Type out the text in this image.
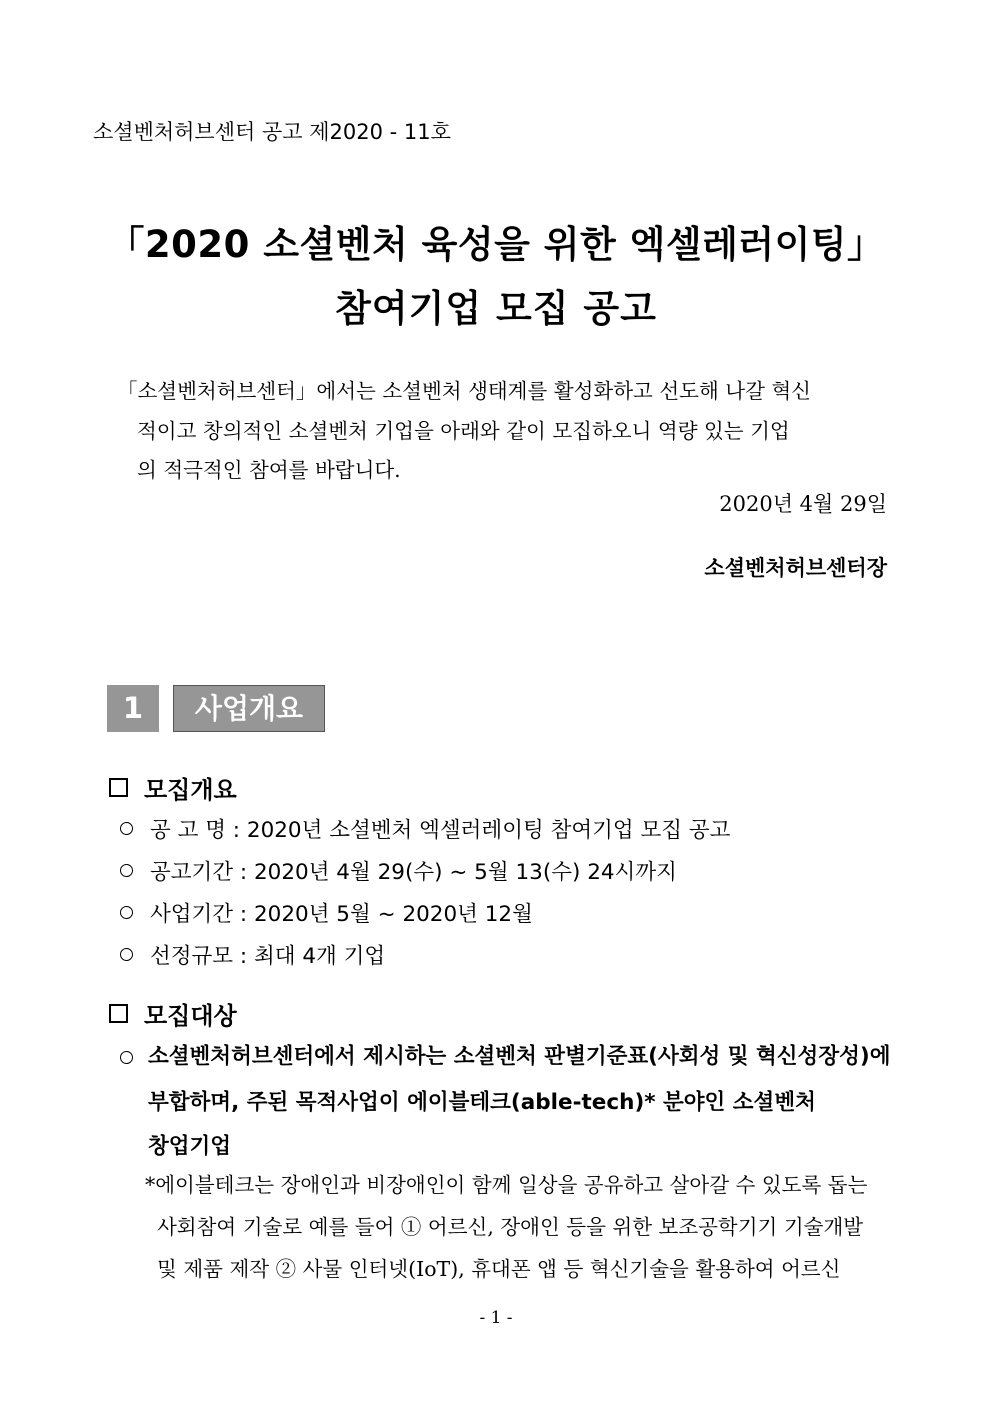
소셜벤처허브센터 공고 제2020 - 11호
「2020 소셜벤처 육성을 위한 엑셀레러이팅」
참여기업 모집 공고
「소셜벤처허브센터」에서는 소셜벤처 생태계를 활성화하고 선도해 나갈 혁신
적이고 창의적인 소셜벤처 기업을 아래와 같이 모집하오니 역량 있는 기업
의 적극적인 참여를 바랍니다.
2020년 4월 29일
소셜벤처허브센터장
1	사업개요
모집개요
공 고 명 : 2020년 소셜벤처 엑셀러레이팅 참여기업 모집 공고
공고기간 : 2020년 4월 29(수) ~ 5월 13(수) 24시까지
사업기간 : 2020년 5월 ~ 2020년 12월
선정규모 : 최대 4개 기업
모집대상
소셜벤처허브센터에서 제시하는 소셜벤처 판별기준표(사회성 및 혁신성장성)에
부합하며, 주된 목적사업이 에이블테크(able-tech)* 분야인 소셜벤처
창업기업
*에이블테크는 장애인과 비장애인이 함께 일상을 공유하고 살아갈 수 있도록 돕는
사회참여 기술로 예를 들어 ① 어르신, 장애인 등을 위한 보조공학기기 기술개발
및 제품 제작 ② 사물 인터넷(IoT), 휴대폰 앱 등 혁신기술을 활용하여 어르신
- 1 -
